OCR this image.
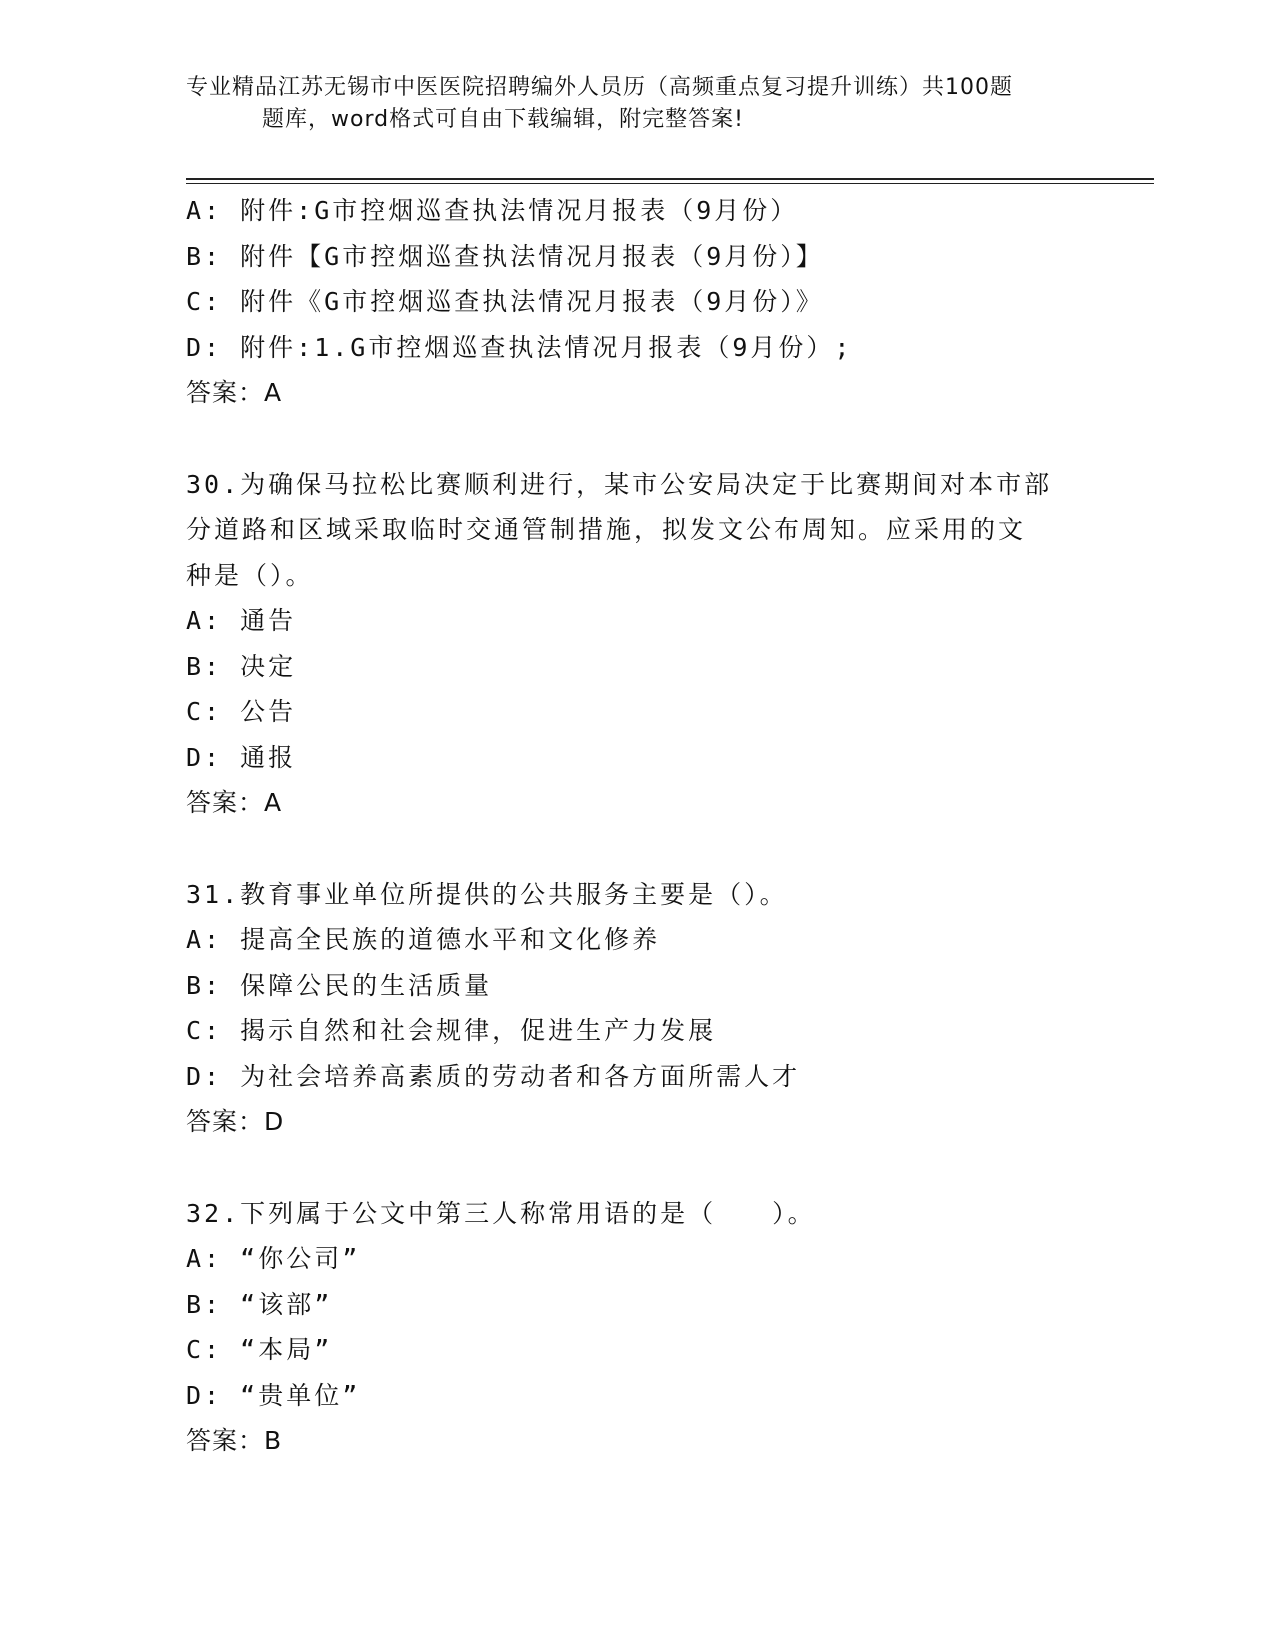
专业精品江苏无锡市中医医院招聘编外人员历（高频重点复习提升训练）共100题
题库，word格式可自由下载编辑，附完整答案!
A: 附件:G市控烟巡查执法情况月报表（9月份）
B: 附件【G市控烟巡查执法情况月报表（9月份）】
C: 附件《G市控烟巡查执法情况月报表（9月份）》
D: 附件:1.G市控烟巡查执法情况月报表（9月份）;
答案：A
30.为确保马拉松比赛顺利进行，某市公安局决定于比赛期间对本市部
分道路和区域采取临时交通管制措施，拟发文公布周知。应采用的文
种是（）。
A: 通告
B: 决定
C: 公告
D: 通报
答案：A
31.教育事业单位所提供的公共服务主要是（）。
A: 提高全民族的道德水平和文化修养
B: 保障公民的生活质量
C: 揭示自然和社会规律，促进生产力发展
D: 为社会培养高素质的劳动者和各方面所需人才
答案：D
32.下列属于公文中第三人称常用语的是（　　）。
A: “你公司”
B: “该部”
C: “本局”
D: “贵单位”
答案：B
